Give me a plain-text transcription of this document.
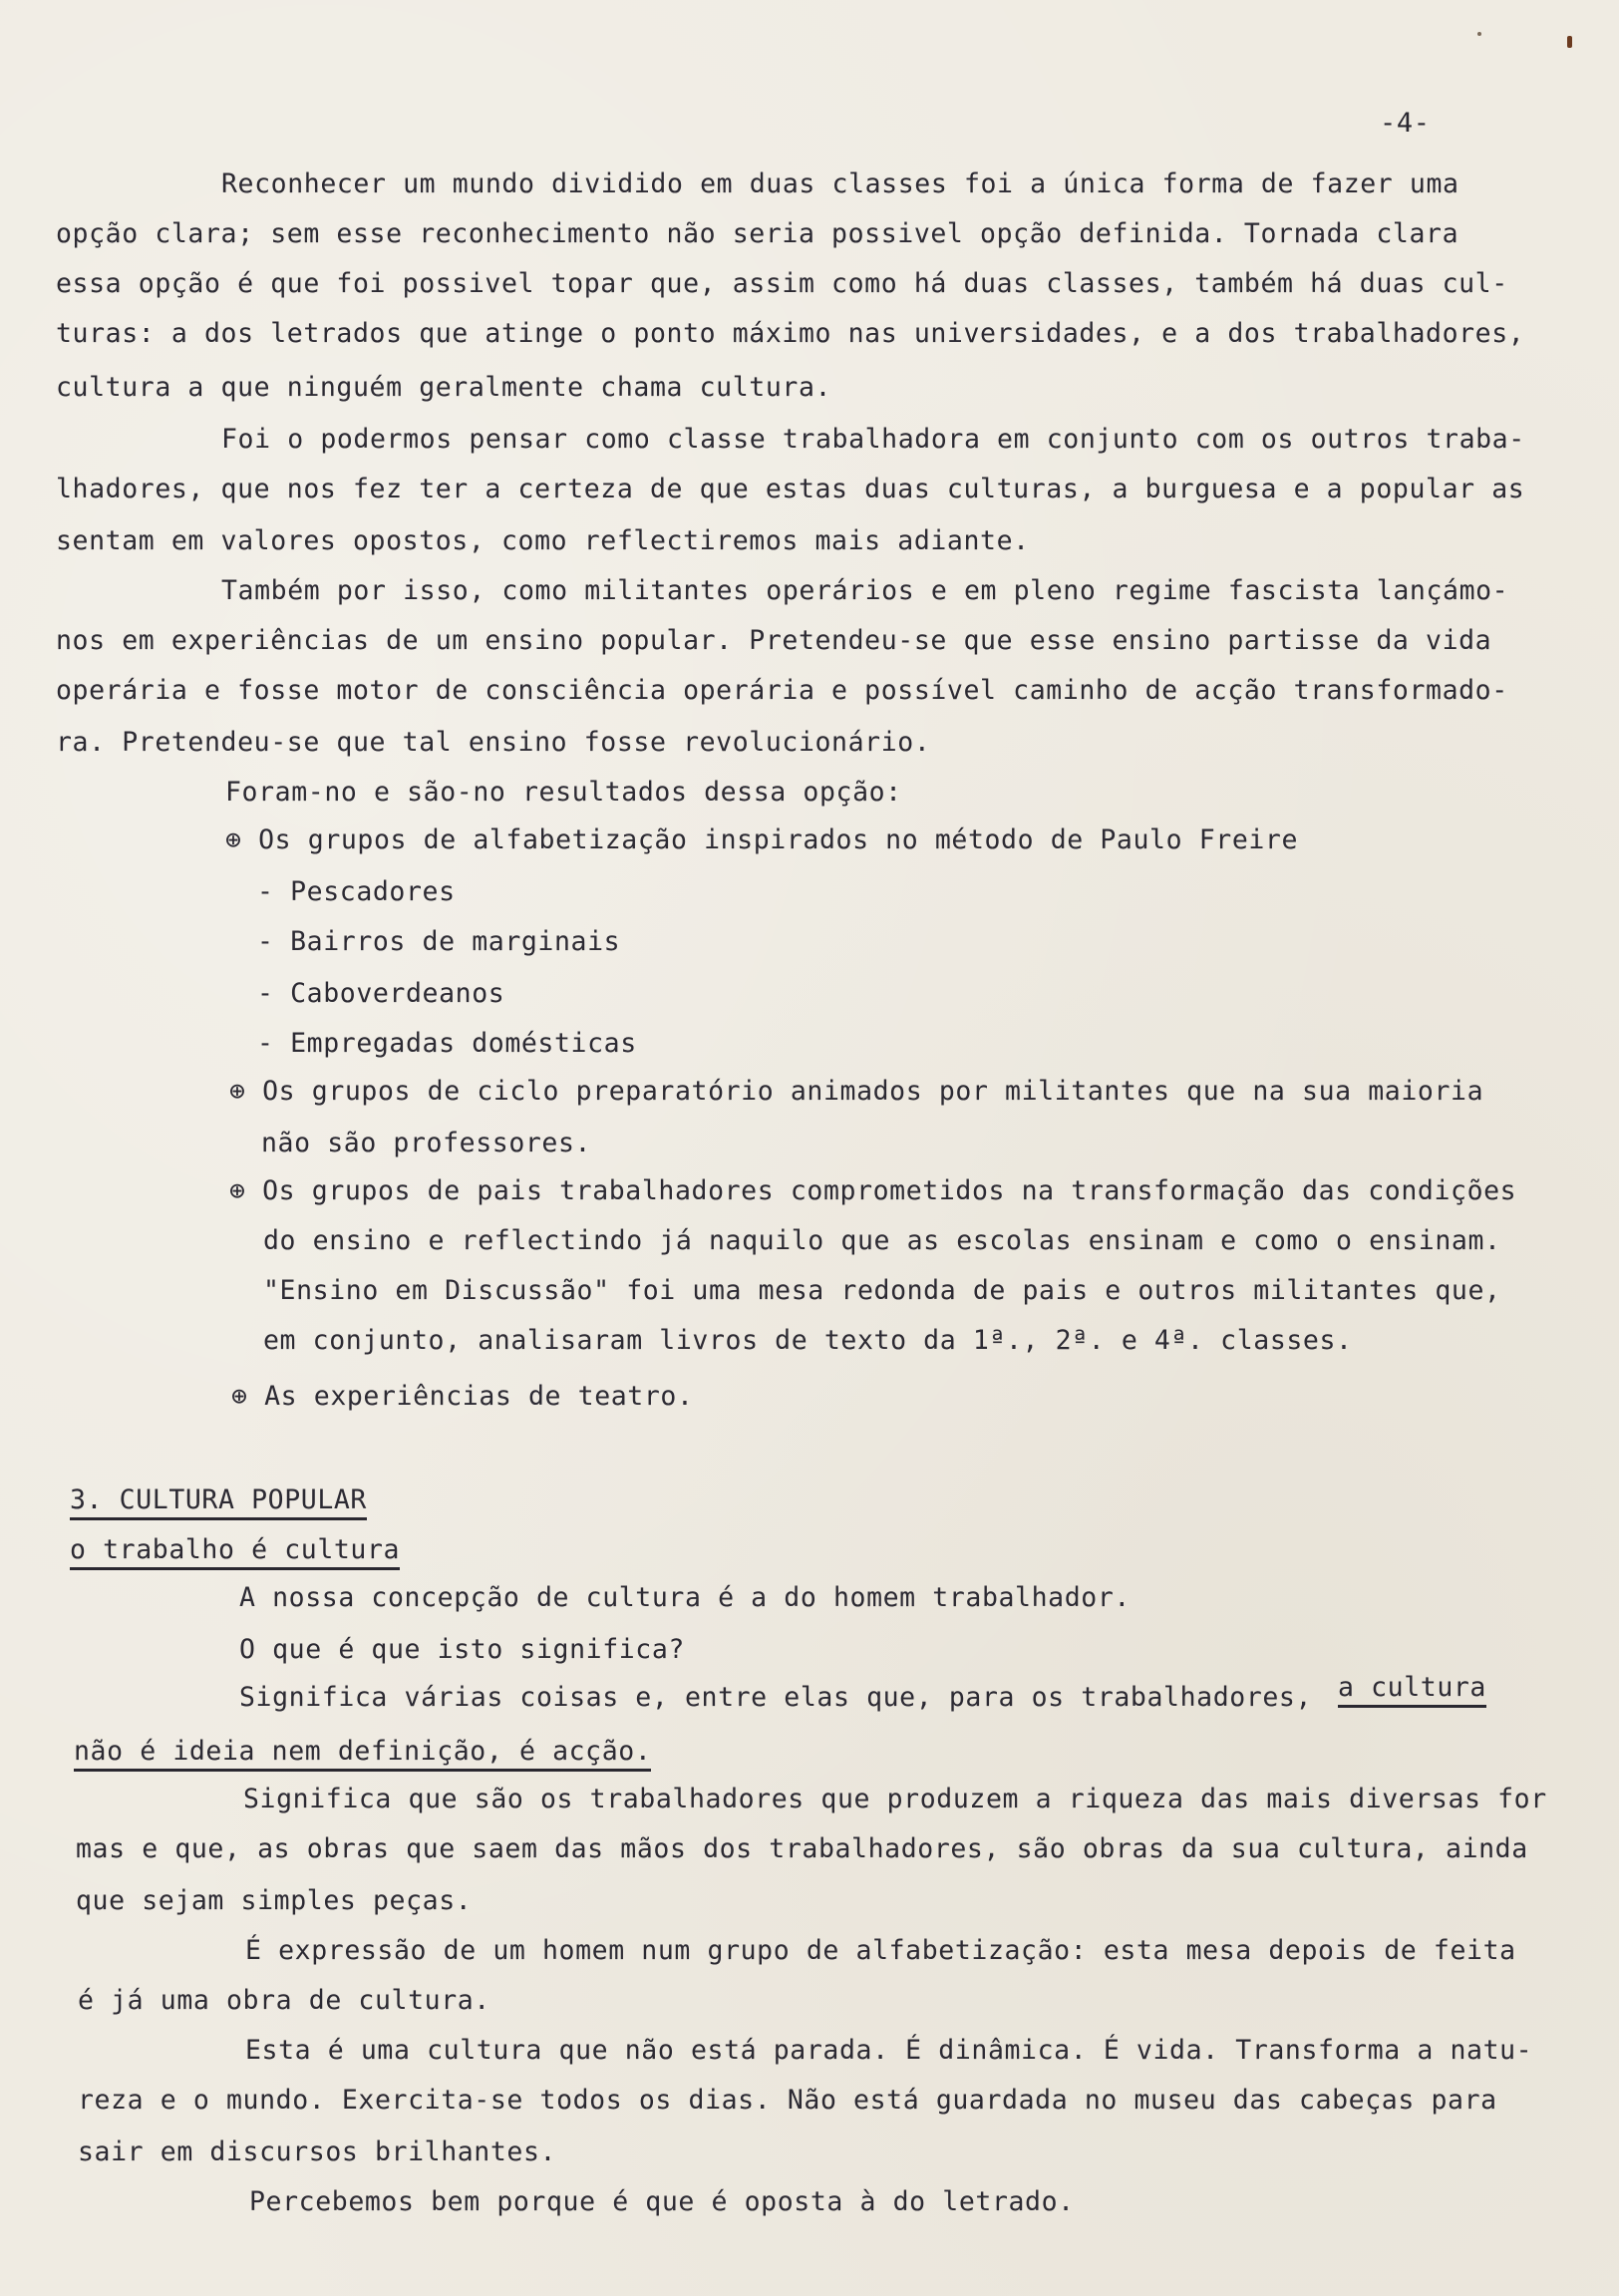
-4-
Reconhecer um mundo dividido em duas classes foi a única forma de fazer uma
opção clara; sem esse reconhecimento não seria possivel opção definida. Tornada clara
essa opção é que foi possivel topar que, assim como há duas classes, também há duas cul-
turas: a dos letrados que atinge o ponto máximo nas universidades, e a dos trabalhadores,
cultura a que ninguém geralmente chama cultura.
Foi o podermos pensar como classe trabalhadora em conjunto com os outros traba-
lhadores, que nos fez ter a certeza de que estas duas culturas, a burguesa e a popular as
sentam em valores opostos, como reflectiremos mais adiante.
Também por isso, como militantes operários e em pleno regime fascista lançámo-
nos em experiências de um ensino popular. Pretendeu-se que esse ensino partisse da vida
operária e fosse motor de consciência operária e possível caminho de acção transformado-
ra. Pretendeu-se que tal ensino fosse revolucionário.
Foram-no e são-no resultados dessa opção:
⊕ Os grupos de alfabetização inspirados no método de Paulo Freire
- Pescadores
- Bairros de marginais
- Caboverdeanos
- Empregadas domésticas
⊕ Os grupos de ciclo preparatório animados por militantes que na sua maioria
não são professores.
⊕ Os grupos de pais trabalhadores comprometidos na transformação das condições
do ensino e reflectindo já naquilo que as escolas ensinam e como o ensinam.
"Ensino em Discussão" foi uma mesa redonda de pais e outros militantes que,
em conjunto, analisaram livros de texto da 1ª., 2ª. e 4ª. classes.
⊕ As experiências de teatro.
3. CULTURA POPULAR
o trabalho é cultura
A nossa concepção de cultura é a do homem trabalhador.
O que é que isto significa?
Significa várias coisas e, entre elas que, para os trabalhadores, a cultura
não é ideia nem definição, é acção.
Significa que são os trabalhadores que produzem a riqueza das mais diversas for
mas e que, as obras que saem das mãos dos trabalhadores, são obras da sua cultura, ainda
que sejam simples peças.
É expressão de um homem num grupo de alfabetização: esta mesa depois de feita
é já uma obra de cultura.
Esta é uma cultura que não está parada. É dinâmica. É vida. Transforma a natu-
reza e o mundo. Exercita-se todos os dias. Não está guardada no museu das cabeças para
sair em discursos brilhantes.
Percebemos bem porque é que é oposta à do letrado.
